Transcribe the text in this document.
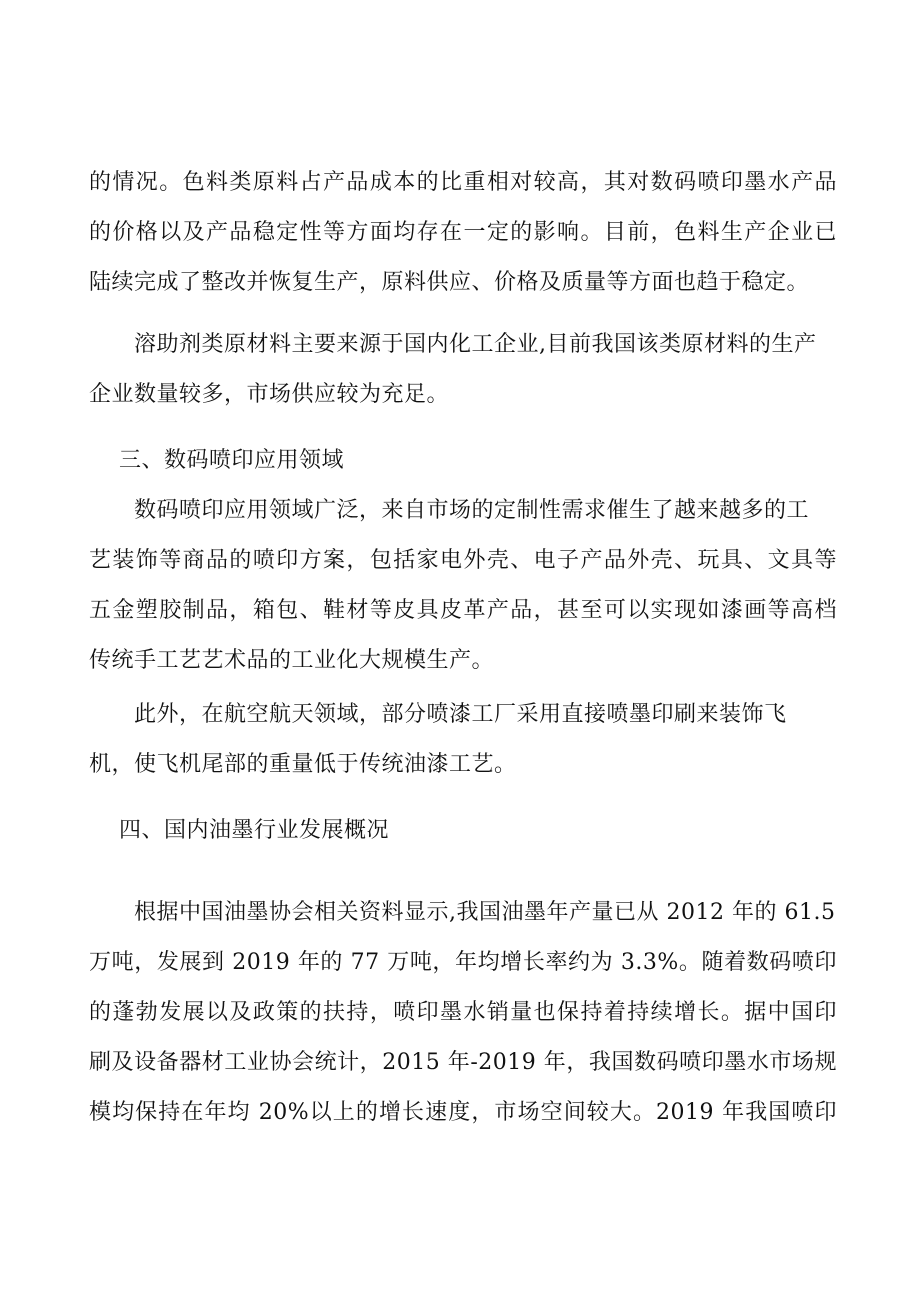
的情况。色料类原料占产品成本的比重相对较高，其对数码喷印墨水产品
的价格以及产品稳定性等方面均存在一定的影响。目前，色料生产企业已
陆续完成了整改并恢复生产，原料供应、价格及质量等方面也趋于稳定。
溶助剂类原材料主要来源于国内化工企业,目前我国该类原材料的生产
企业数量较多，市场供应较为充足。
三、数码喷印应用领域
数码喷印应用领域广泛，来自市场的定制性需求催生了越来越多的工
艺装饰等商品的喷印方案，包括家电外壳、电子产品外壳、玩具、文具等
五金塑胶制品，箱包、鞋材等皮具皮革产品，甚至可以实现如漆画等高档
传统手工艺艺术品的工业化大规模生产。
此外，在航空航天领域，部分喷漆工厂采用直接喷墨印刷来装饰飞
机，使飞机尾部的重量低于传统油漆工艺。
四、国内油墨行业发展概况
根据中国油墨协会相关资料显示,我国油墨年产量已从 2012 年的 61.5
万吨，发展到 2019 年的 77 万吨，年均增长率约为 3.3%。随着数码喷印
的蓬勃发展以及政策的扶持，喷印墨水销量也保持着持续增长。据中国印
刷及设备器材工业协会统计，2015 年-2019 年，我国数码喷印墨水市场规
模均保持在年均 20%以上的增长速度，市场空间较大。2019 年我国喷印
